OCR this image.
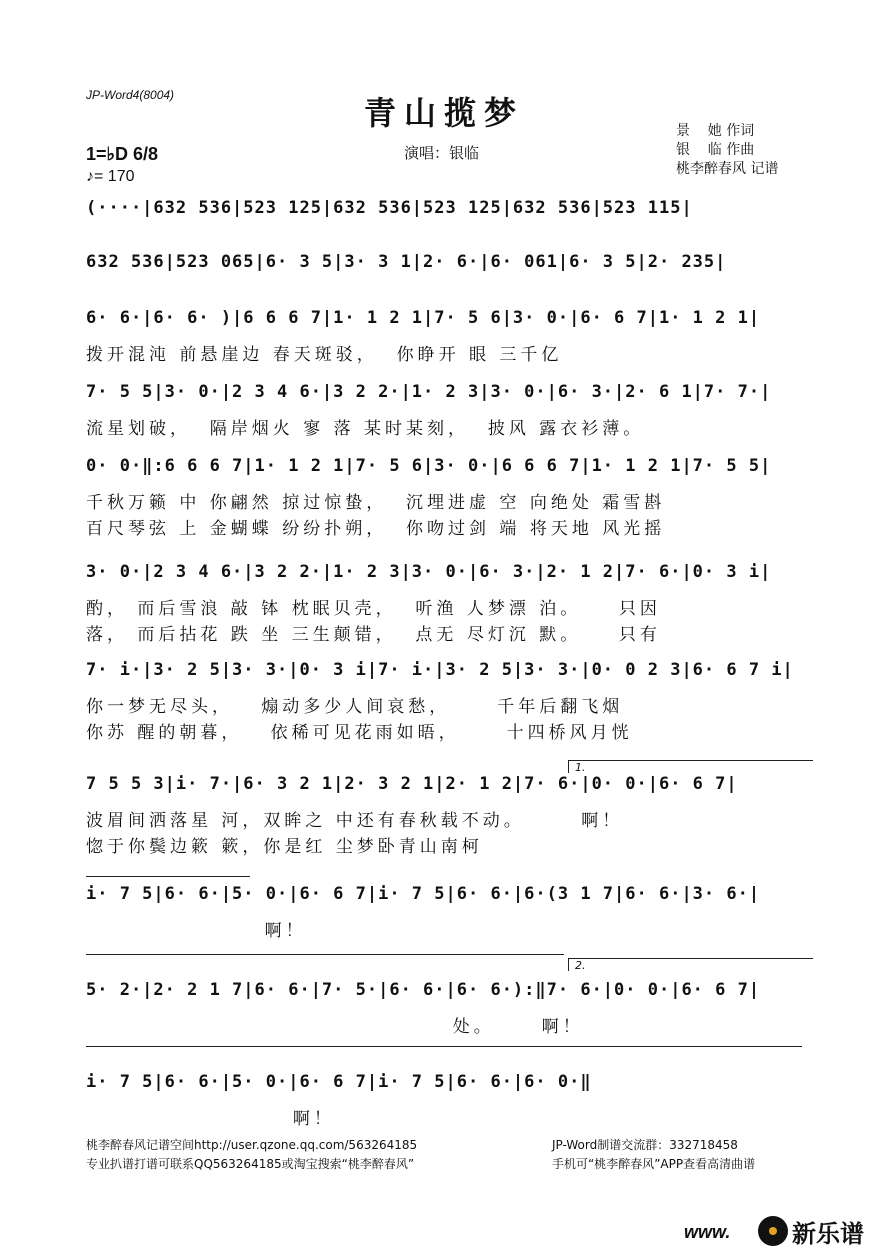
JP-Word4(8004)	青山揽梦
演唱：银临
景    她 作词
银    临 作曲
桃李醉春风 记谱
1=♭D 6/8
♪= 170
(····|632 536|523 125|632 536|523 125|632 536|523 115|
632 536|523 065|6· 3 5|3· 3 1|2· 6·|6· 061|6· 3 5|2· 235|
6· 6·|6· 6· )|6 6 6 7|1· 1 2 1|7· 5 6|3· 0·|6· 6 7|1· 1 2 1|
拨开混沌 前悬崖边 春天斑驳，  你睁开 眼 三千亿
7· 5 5|3· 0·|2 3 4 6·|3 2 2·|1· 2 3|3· 0·|6· 3·|2· 6 1|7· 7·|
流星划破，  隔岸烟火 寥 落 某时某刻，  披风 露衣衫薄。
0· 0·‖:6 6 6 7|1· 1 2 1|7· 5 6|3· 0·|6 6 6 7|1· 1 2 1|7· 5 5|
千秋万籁 中 你翩然 掠过惊蛰，  沉埋进虚 空 向绝处 霜雪斟
百尺琴弦 上 金蝴蝶 纷纷扑朔，  你吻过剑 端 将天地 风光摇
3· 0·|2 3 4 6·|3 2 2·|1· 2 3|3· 0·|6· 3·|2· 1 2|7· 6·|0· 3 i|
酌， 而后雪浪 敲 钵 枕眠贝壳，  听渔 人梦漂 泊。    只因
落， 而后拈花 跌 坐 三生颠错，  点无 尽灯沉 默。    只有
7· i·|3· 2 5|3· 3·|0· 3 i|7· i·|3· 2 5|3· 3·|0· 0 2 3|6· 6 7 i|
你一梦无尽头，   煽动多少人间哀愁，     千年后翻飞烟
你苏 醒的朝暮，   依稀可见花雨如晤，     十四桥风月恍
7 5 5 3|i· 7·|6· 3 2 1|2· 3 2 1|2· 1 2|7· 6·|0· 0·|6· 6 7|
波眉间洒落星 河，双眸之 中还有春秋载不动。      啊！
惚于你鬓边簌 簌，你是红 尘梦卧青山南柯
i· 7 5|6· 6·|5· 0·|6· 6 7|i· 7 5|6· 6·|6·(3 1 7|6· 6·|3· 6·|
啊！
5· 2·|2· 2 1 7|6· 6·|7· 5·|6· 6·|6· 6·):‖7· 6·|0· 0·|6· 6 7|
处。     啊！
i· 7 5|6· 6·|5· 0·|6· 6 7|i· 7 5|6· 6·|6· 0·‖
啊！
1.
2.
桃李醉春风记谱空间http://user.qzone.qq.com/563264185
专业扒谱打谱可联系QQ563264185或淘宝搜索“桃李醉春风”
JP-Word制谱交流群：332718458
手机可“桃李醉春风”APP查看高清曲谱
www.	新乐谱
